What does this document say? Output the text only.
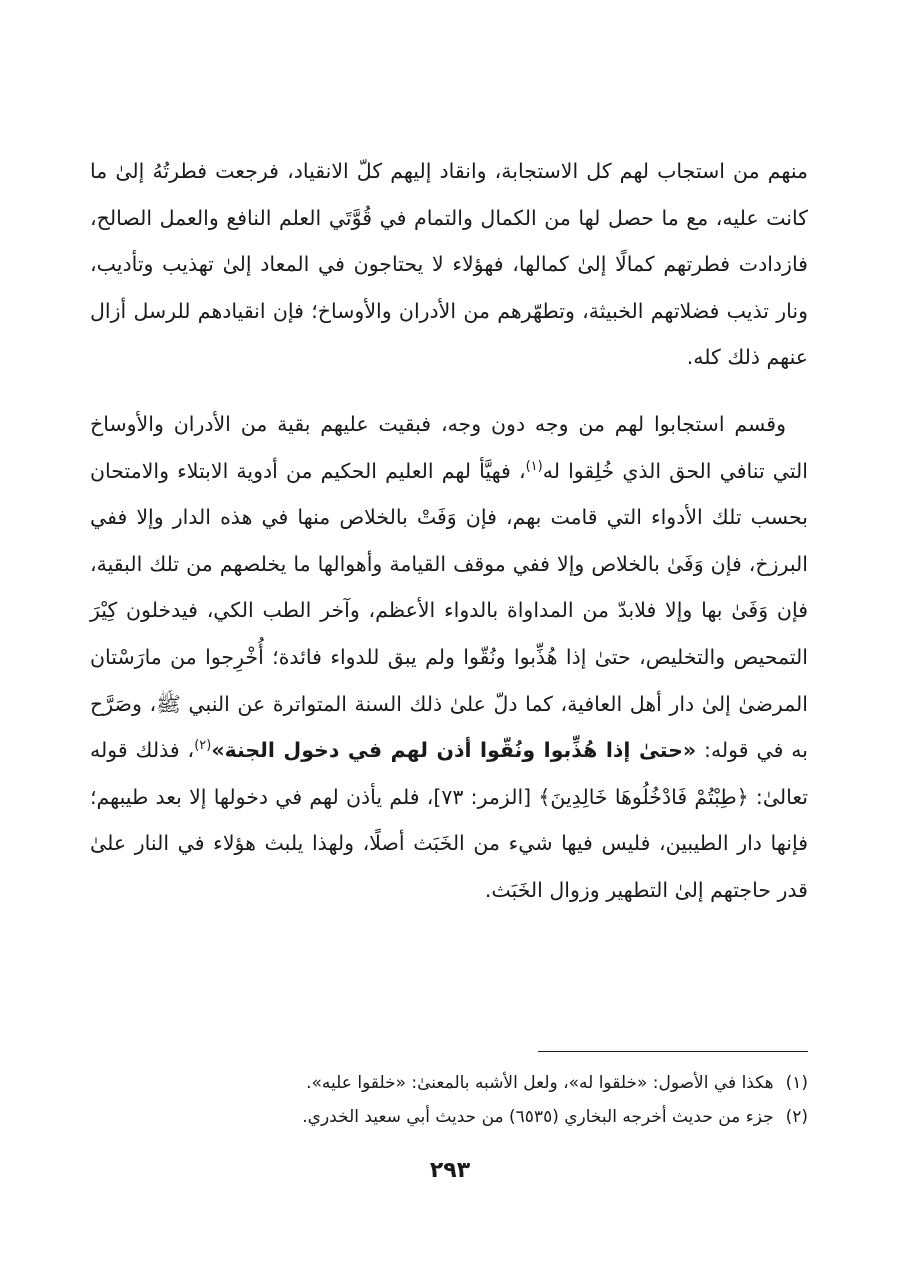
منهم من استجاب لهم كل الاستجابة، وانقاد إليهم كلّ الانقياد، فرجعت فطرتُهُ إلىٰ ما كانت عليه، مع ما حصل لها من الكمال والتمام في قُوَّتَي العلم النافع والعمل الصالح، فازدادت فطرتهم كمالًا إلىٰ كمالها، فهؤلاء لا يحتاجون في المعاد إلىٰ تهذيب وتأديب، ونار تذيب فضلاتهم الخبيثة، وتطهّرهم من الأدران والأوساخ؛ فإن انقيادهم للرسل أزال عنهم ذلك كله.

وقسم استجابوا لهم من وجه دون وجه، فبقيت عليهم بقية من الأدران والأوساخ التي تنافي الحق الذي خُلِقوا له$^{(١)}$، فهيَّأ لهم العليم الحكيم من أدوية الابتلاء والامتحان بحسب تلك الأدواء التي قامت بهم، فإن وَفَتْ بالخلاص منها في هذه الدار وإلا ففي البرزخ، فإن وَفَىٰ بالخلاص وإلا ففي موقف القيامة وأهوالها ما يخلصهم من تلك البقية، فإن وَفَىٰ بها وإلا فلابدّ من المداواة بالدواء الأعظم، وآخر الطب الكي، فيدخلون كِيْرَ التمحيص والتخليص، حتىٰ إذا هُذِّبوا ونُقّوا ولم يبق للدواء فائدة؛ أُخْرِجوا من مارَسْتان المرضىٰ إلىٰ دار أهل العافية، كما دلّ علىٰ ذلك السنة المتواترة عن النبي ﷺ، وصَرَّح به في قوله: «حتىٰ إذا هُذِّبوا ونُقّوا أذن لهم في دخول الجنة»$^{(٢)}$، فذلك قوله تعالىٰ: ﴿طِبْتُمْ فَادْخُلُوهَا خَالِدِينَ﴾ [الزمر: ٧٣]، فلم يأذن لهم في دخولها إلا بعد طيبهم؛ فإنها دار الطيبين، فليس فيها شيء من الخَبَث أصلًا، ولهذا يلبث هؤلاء في النار علىٰ قدر حاجتهم إلىٰ التطهير وزوال الخَبَث.

(١)هكذا في الأصول: «خلقوا له»، ولعل الأشبه بالمعنىٰ: «خلقوا عليه».

(٢)جزء من حديث أخرجه البخاري (٦٥٣٥) من حديث أبي سعيد الخدري.

٢٩٣
